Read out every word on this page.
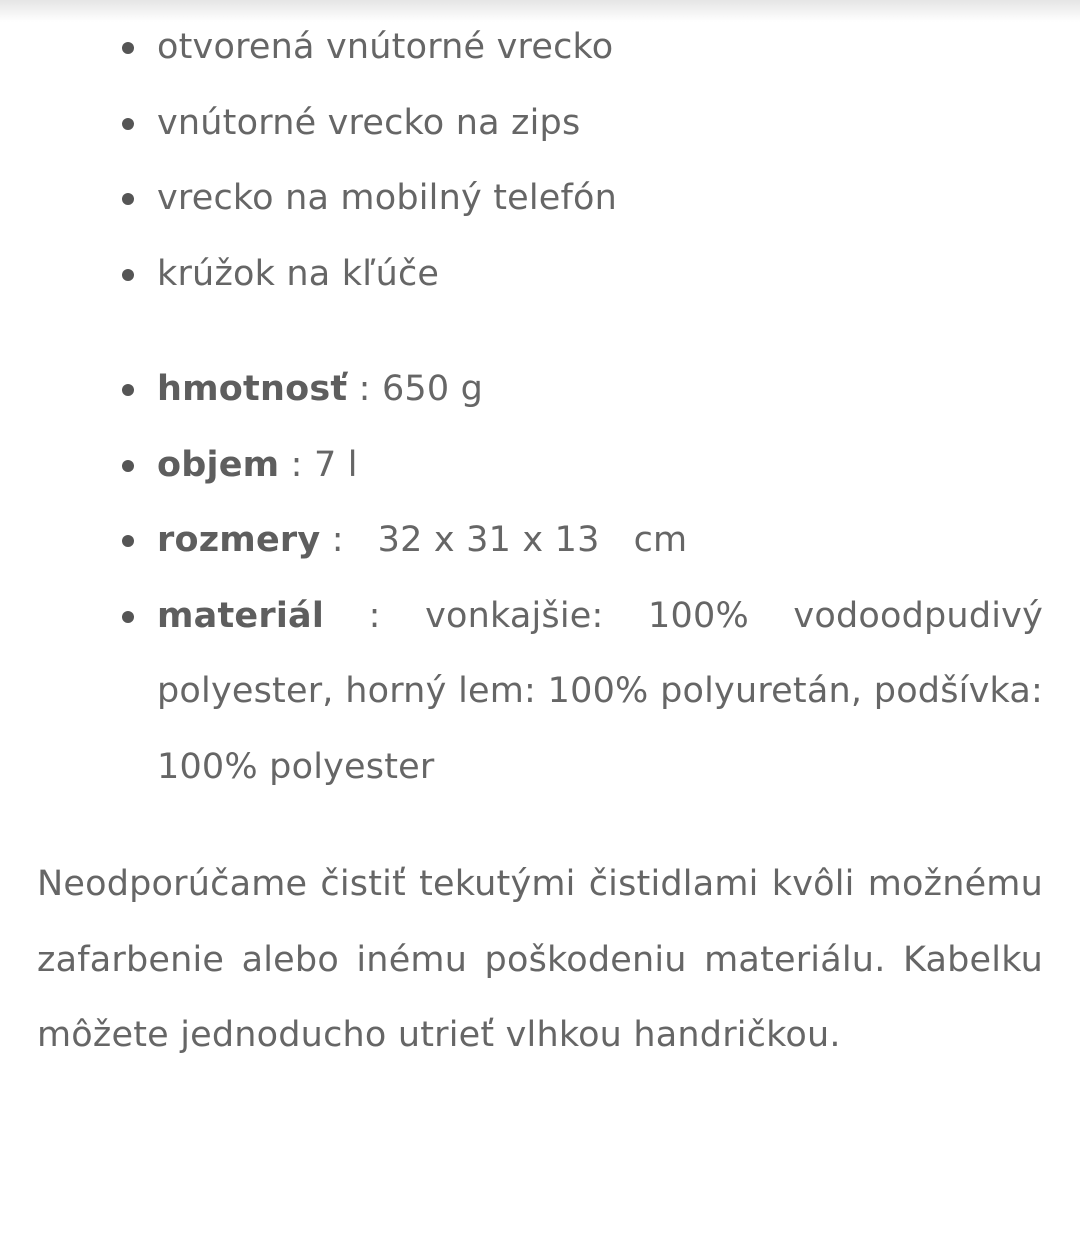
otvorená vnútorné vrecko
vnútorné vrecko na zips
vrecko na mobilný telefón
krúžok na kľúče
hmotnosť : 650 g
objem : 7 l
rozmery :   32 x 31 x 13   cm
materiál : vonkajšie: 100% vodoodpudivý polyester, horný lem: 100% polyuretán, podšívka: 100% polyester

Neodporúčame čistiť tekutými čistidlami kvôli možnému zafarbenie alebo inému poškodeniu materiálu. Kabelku môžete jednoducho utrieť vlhkou handričkou.
